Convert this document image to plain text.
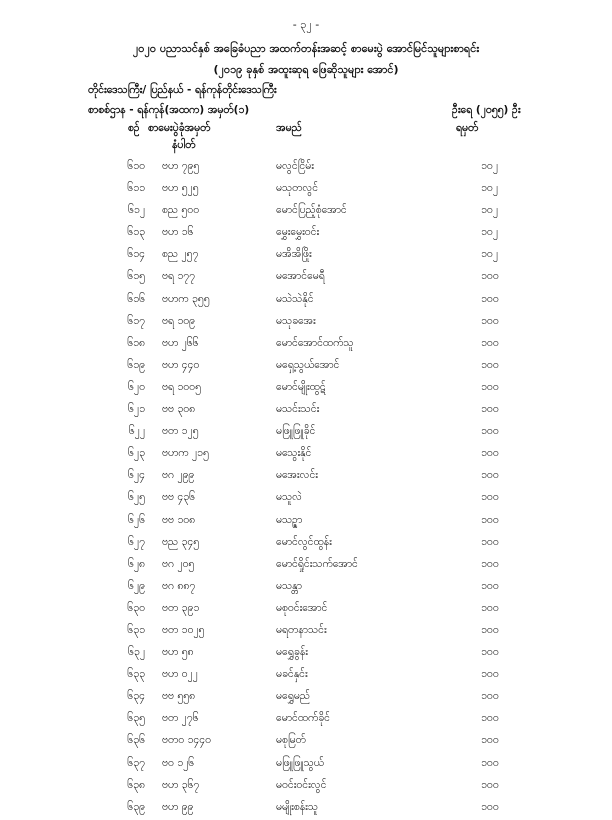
- ၃၂ -
၂၀၂၀ ပညာသင်နှစ် အခြေခံပညာ အထက်တန်းအဆင့် စာမေးပွဲ အောင်မြင်သူများစာရင်း
(၂၀၁၉ ခုနှစ် အထူးဆုရ ဖြေဆိုသူများ အောင်)
တိုင်းဒေသကြီး/ ပြည်နယ် - ရန်ကုန်တိုင်းဒေသကြီး
စာစစ်ဌာန - ရန်ကုန်(အထက) အမှတ်(၁)	ဦးရေ (၂၀၅၅) ဦး
စဉ် စာမေးပွဲခုံအမှတ်
နံပါတ်
အမည်	ရမှတ်
၆၁၀ ဗဟ ၇၉၅	မလွင်ငြိမ်း	၁၀၂
၆၁၁ ဗဟ ၅၂၅	မသုတလွင်	၁၀၂
၆၁၂ စည ၅၀၀	မောင်ပြည့်စုံအောင်	၁၀၂
၆၁၃ ဗဟ ၁၆	မွှေးမွှေးဝင်း	၁၀၂
၆၁၄ စည ၂၅၇	မအိအိဖြိုး	၁၀၂
၆၁၅ ဗရ ၁၇၇	မအောင်မေရီ	၁၀၀
၆၁၆ ဗဟက ၃၅၅	မသဲသဲနိုင်	၁၀၀
၆၁၇ ဗရ ၁၀၉	မသုခအေး	၁၀၀
၆၁၈ ဗဟ ၂၆၆	မောင်အောင်ထက်သူ	၁၀၀
၆၁၉ ဗဟ ၄၄၀	မရှေ့သွယ်အောင်	၁၀၀
၆၂၀ ဗရ ၁၀၀၅	မောင်မျိုးထွဋ်	၁၀၀
၆၂၁ ဗဗ ၃၀၈	မသင်းသင်း	၁၀၀
၆၂၂ ဗတ ၁၂၅	မဖြူဖြူခိုင်	၁၀၀
၆၂၃ ဗဟက ၂၁၅	မသွေးနိုင်	၁၀၀
၆၂၄ ဗဂ ၂၉၉	မအေးလင်း	၁၀၀
၆၂၅ ဗဗ ၄၃၆	မသူလဲ	၁၀၀
၆၂၆ ဗဗ ၁၀၈	မသဉ္ဇာ	၁၀၀
၆၂၇ ဗည ၃၄၅	မောင်လွင်ထွန်း	၁၀၀
၆၂၈ ဗဂ ၂၀၅	မောင်ရှိုင်းသက်အောင်	၁၀၀
၆၂၉ ဗဂ ၈၈၇	မသန္တာ	၁၀၀
၆၃၀ ဗတ ၃၉၁	မစုဝင်းအောင်	၁၀၀
၆၃၁ ဗတ ၁၀၂၅	မရတနာသင်း	၁၀၀
၆၃၂ ဗဟ ၅၈	မရွှေခွန်း	၁၀၀
၆၃၃ ဗဟ ၀၂၂	မခင်နှင်း	၁၀၀
၆၃၄ ဗဗ ၅၅၈	မရွှေမည်	၁၀၀
၆၃၅ ဗတ ၂၇၆	မောင်ထက်ခိုင်	၁၀၀
၆၃၆ ဗတ၀ ၁၄၄၀	မစုမြတ်	၁၀၀
၆၃၇ ဗဝ ၁၂၆	မဖြူဖြူသွယ်	၁၀၀
၆၃၈ ဗဟ ၃၆၇	မဝင်းဝင်းလွင်	၁၀၀
၆၃၉ ဗဟ ၉၉	မမျိုးစန်းသူ	၁၀၀
